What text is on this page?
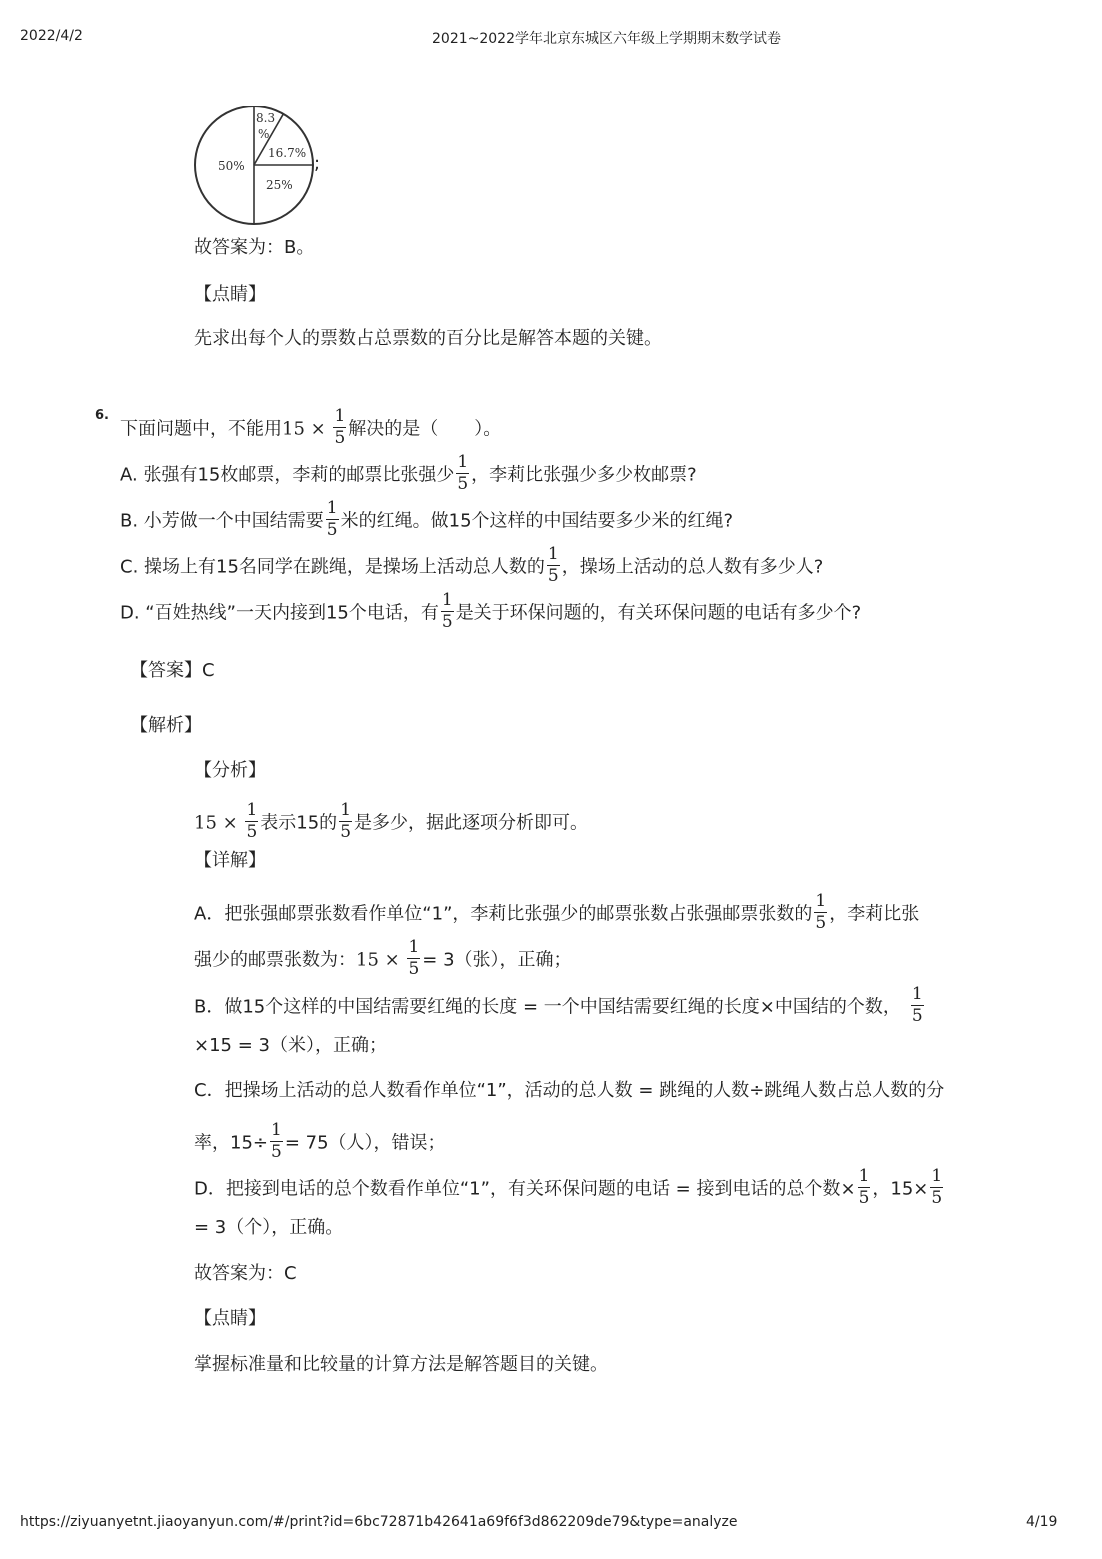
2022/4/2	2021~2022学年北京东城区六年级上学期期末数学试卷
8.3
%
16.7%
25%
50%	;
故答案为：B。
【点睛】
先求出每个人的票数占总票数的百分比是解答本题的关键。
6.
下面问题中，不能用$15 \times \frac{1}{5}$ 解决的是（　　）。
A. 张强有15枚邮票，李莉的邮票比张强少 $\frac{1}{5}$ ，李莉比张强少多少枚邮票?
B. 小芳做一个中国结需要 $\frac{1}{5}$ 米的红绳。做15个这样的中国结要多少米的红绳?
C. 操场上有15名同学在跳绳，是操场上活动总人数的 $\frac{1}{5}$ ，操场上活动的总人数有多少人?
D. “百姓热线”一天内接到15个电话，有 $\frac{1}{5}$ 是关于环保问题的，有关环保问题的电话有多少个?
【答案】C
【解析】
【分析】
$15 \times \frac{1}{5}$ 表示15的 $\frac{1}{5}$ 是多少，据此逐项分析即可。
【详解】
A．把张强邮票张数看作单位“1”，李莉比张强少的邮票张数占张强邮票张数的 $\frac{1}{5}$ ，李莉比张
强少的邮票张数为：$15 \times \frac{1}{5} = 3$（张），正确；
B．做15个这样的中国结需要红绳的长度 = 一个中国结需要红绳的长度×中国结的个数， $\frac{1}{5}$
×15 = 3（米），正确；
C．把操场上活动的总人数看作单位“1”，活动的总人数 = 跳绳的人数÷跳绳人数占总人数的分
率，$15\div \frac{1}{5} = 75$（人），错误；
D．把接到电话的总个数看作单位“1”，有关环保问题的电话 = 接到电话的总个数× $\frac{1}{5}$ ，$15\times \frac{1}{5}$
= 3（个），正确。
故答案为：C
【点睛】
掌握标准量和比较量的计算方法是解答题目的关键。
https://ziyuanyetnt.jiaoyanyun.com/#/print?id=6bc72871b42641a69f6f3d862209de79&type=analyze	4/19
